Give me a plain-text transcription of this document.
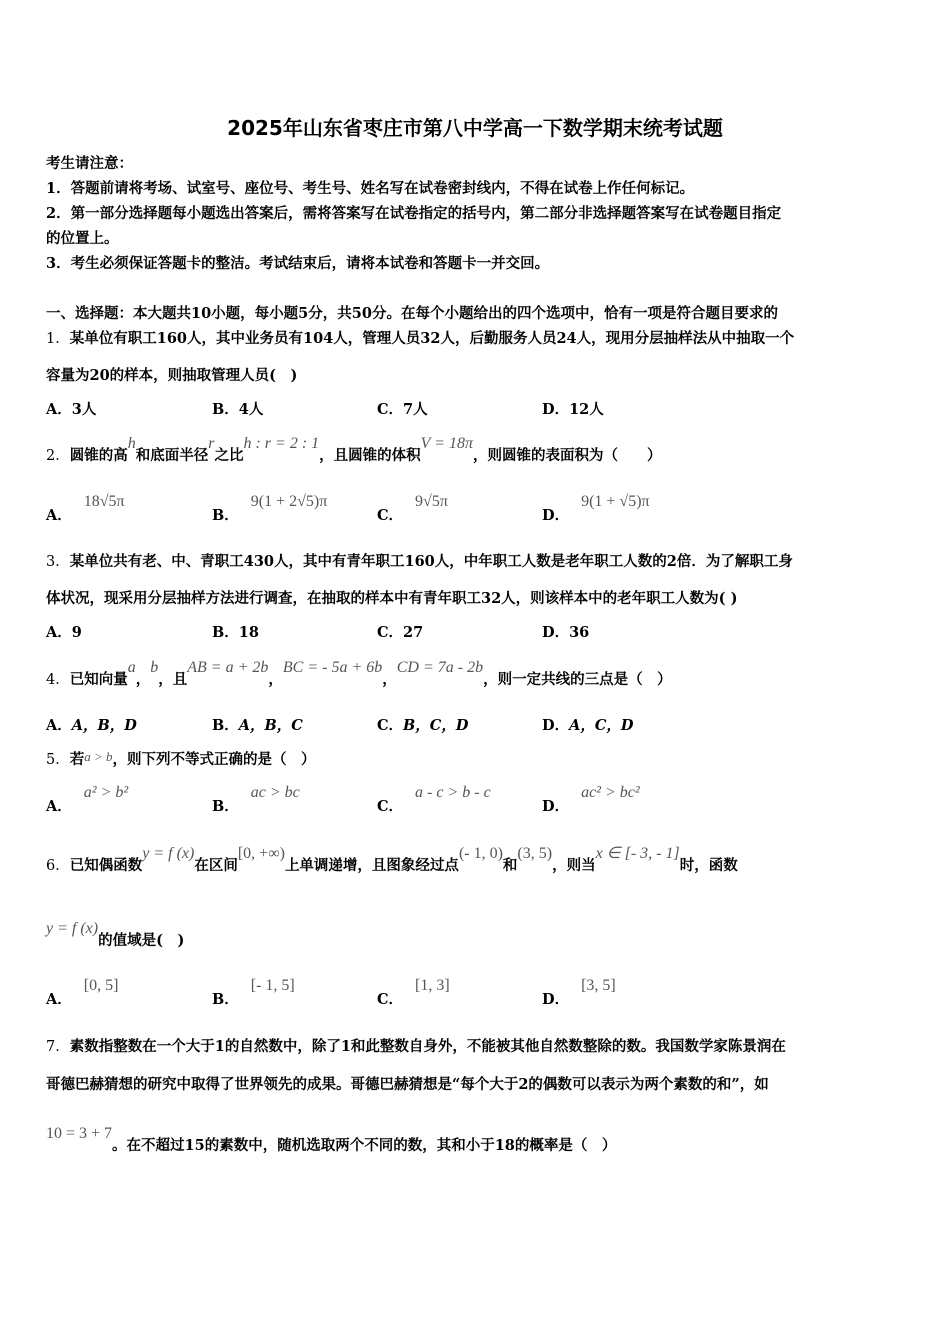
2025年山东省枣庄市第八中学高一下数学期末统考试题
考生请注意：
1．答题前请将考场、试室号、座位号、考生号、姓名写在试卷密封线内，不得在试卷上作任何标记。
2．第一部分选择题每小题选出答案后，需将答案写在试卷指定的括号内，第二部分非选择题答案写在试卷题目指定
的位置上。
3．考生必须保证答题卡的整洁。考试结束后，请将本试卷和答题卡一并交回。
一、选择题：本大题共10小题，每小题5分，共50分。在每个小题给出的四个选项中，恰有一项是符合题目要求的
1．某单位有职工160人，其中业务员有104人，管理人员32人，后勤服务人员24人，现用分层抽样法从中抽取一个
容量为20的样本，则抽取管理人员(　)
A．3人	B．4人	C．7人	D．12人
2．圆锥的高h和底面半径r之比h : r = 2 : 1，且圆锥的体积V = 18π，则圆锥的表面积为（　　）
A．18√5π
B．9(1 + 2√5)π
C．9√5π
D．9(1 + √5)π
3．某单位共有老、中、青职工430人，其中有青年职工160人，中年职工人数是老年职工人数的2倍．为了解职工身
体状况，现采用分层抽样方法进行调查，在抽取的样本中有青年职工32人，则该样本中的老年职工人数为( )
A．9	B．18	C．27	D．36
4．已知向量a，b，且AB = a + 2b，BC = - 5a + 6b，CD = 7a - 2b，则一定共线的三点是（　）
A．A，B，D	B．A，B，C	C．B，C，D	D．A，C，D
5．若a > b，则下列不等式正确的是（　）
A．a² > b²
B．ac > bc
C．a - c > b - c
D．ac² > bc²
6．已知偶函数y = f (x)在区间[0, +∞)上单调递增，且图象经过点(- 1, 0)和(3, 5)，则当x ∈ [- 3, - 1]时，函数
y = f (x)的值域是(　)
A．[0, 5]
B．[- 1, 5]
C．[1, 3]
D．[3, 5]
7．素数指整数在一个大于1的自然数中，除了1和此整数自身外，不能被其他自然数整除的数。我国数学家陈景润在
哥德巴赫猜想的研究中取得了世界领先的成果。哥德巴赫猜想是“每个大于2的偶数可以表示为两个素数的和”，如
10 = 3 + 7。在不超过15的素数中，随机选取两个不同的数，其和小于18的概率是（　）
